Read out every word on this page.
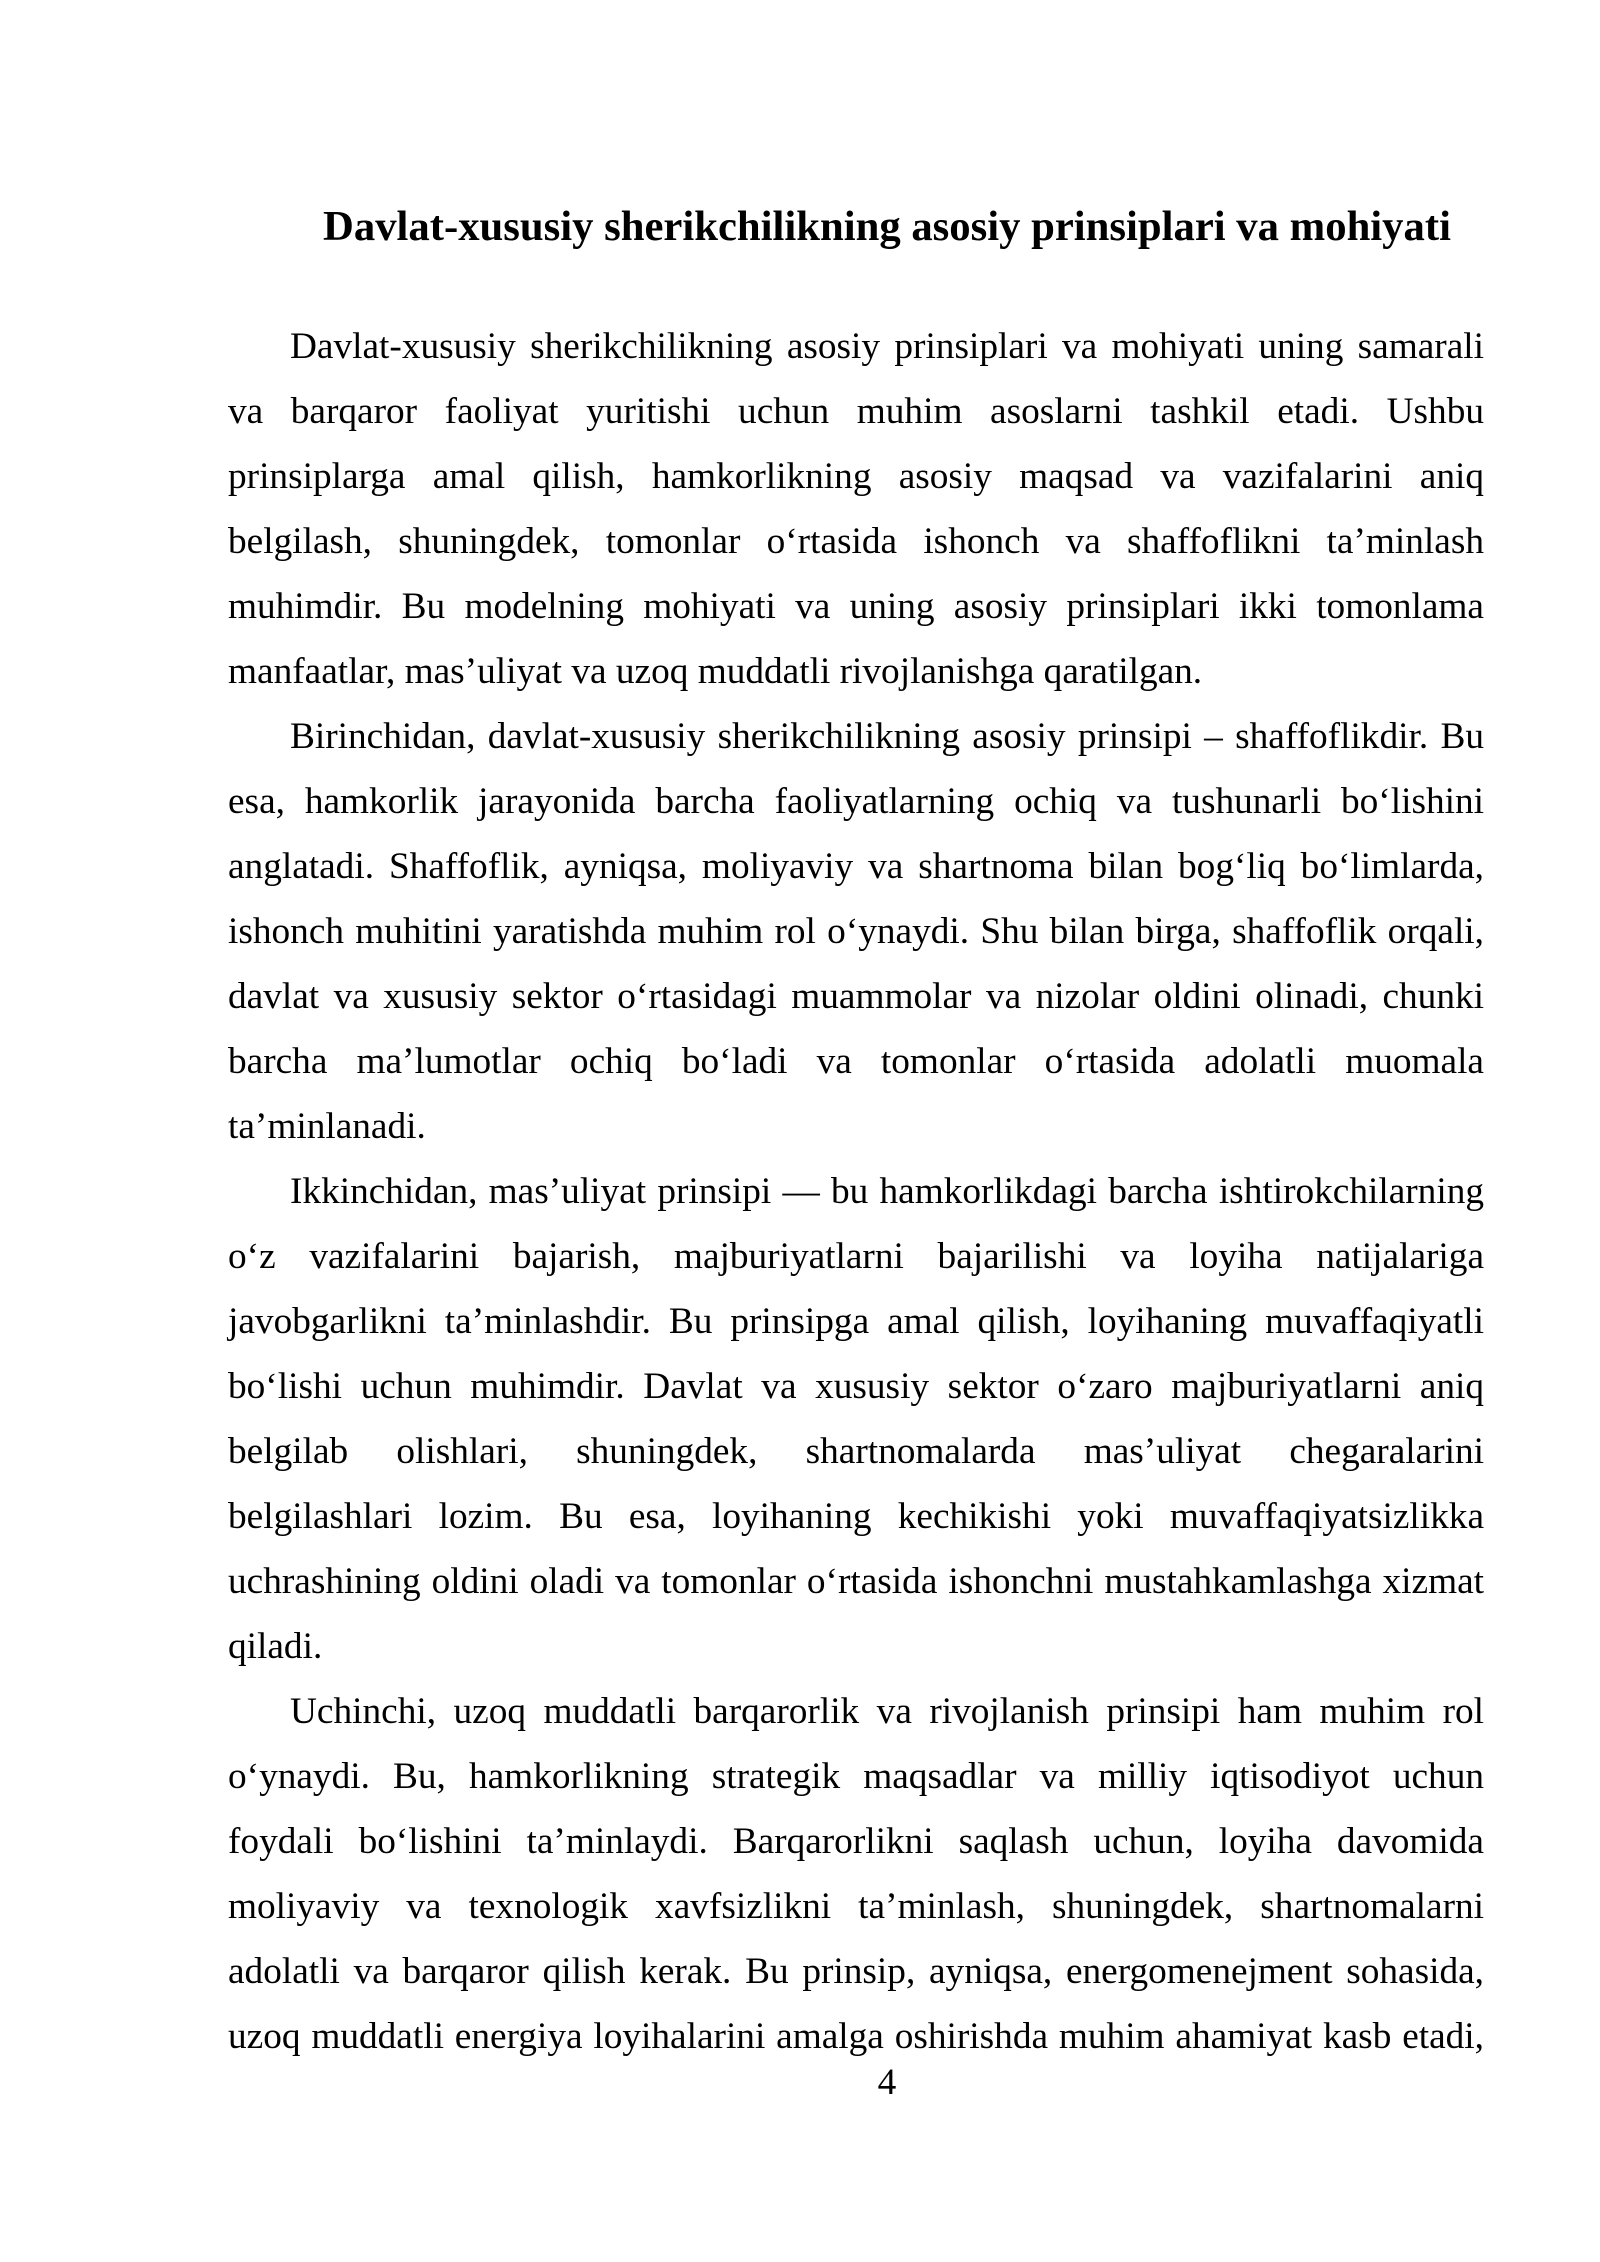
Davlat-xususiy sherikchilikning asosiy prinsiplari va mohiyati
Davlat-xususiy sherikchilikning asosiy prinsiplari va mohiyati uning samarali
va barqaror faoliyat yuritishi uchun muhim asoslarni tashkil etadi. Ushbu
prinsiplarga amal qilish, hamkorlikning asosiy maqsad va vazifalarini aniq
belgilash, shuningdek, tomonlar o‘rtasida ishonch va shaffoflikni ta’minlash
muhimdir. Bu modelning mohiyati va uning asosiy prinsiplari ikki tomonlama
manfaatlar, mas’uliyat va uzoq muddatli rivojlanishga qaratilgan.
Birinchidan, davlat-xususiy sherikchilikning asosiy prinsipi – shaffoflikdir. Bu
esa, hamkorlik jarayonida barcha faoliyatlarning ochiq va tushunarli bo‘lishini
anglatadi. Shaffoflik, ayniqsa, moliyaviy va shartnoma bilan bog‘liq bo‘limlarda,
ishonch muhitini yaratishda muhim rol o‘ynaydi. Shu bilan birga, shaffoflik orqali,
davlat va xususiy sektor o‘rtasidagi muammolar va nizolar oldini olinadi, chunki
barcha ma’lumotlar ochiq bo‘ladi va tomonlar o‘rtasida adolatli muomala
ta’minlanadi.
Ikkinchidan, mas’uliyat prinsipi — bu hamkorlikdagi barcha ishtirokchilarning
o‘z vazifalarini bajarish, majburiyatlarni bajarilishi va loyiha natijalariga
javobgarlikni ta’minlashdir. Bu prinsipga amal qilish, loyihaning muvaffaqiyatli
bo‘lishi uchun muhimdir. Davlat va xususiy sektor o‘zaro majburiyatlarni aniq
belgilab olishlari, shuningdek, shartnomalarda mas’uliyat chegaralarini
belgilashlari lozim. Bu esa, loyihaning kechikishi yoki muvaffaqiyatsizlikka
uchrashining oldini oladi va tomonlar o‘rtasida ishonchni mustahkamlashga xizmat
qiladi.
Uchinchi, uzoq muddatli barqarorlik va rivojlanish prinsipi ham muhim rol
o‘ynaydi. Bu, hamkorlikning strategik maqsadlar va milliy iqtisodiyot uchun
foydali bo‘lishini ta’minlaydi. Barqarorlikni saqlash uchun, loyiha davomida
moliyaviy va texnologik xavfsizlikni ta’minlash, shuningdek, shartnomalarni
adolatli va barqaror qilish kerak. Bu prinsip, ayniqsa, energomenejment sohasida,
uzoq muddatli energiya loyihalarini amalga oshirishda muhim ahamiyat kasb etadi,
4
